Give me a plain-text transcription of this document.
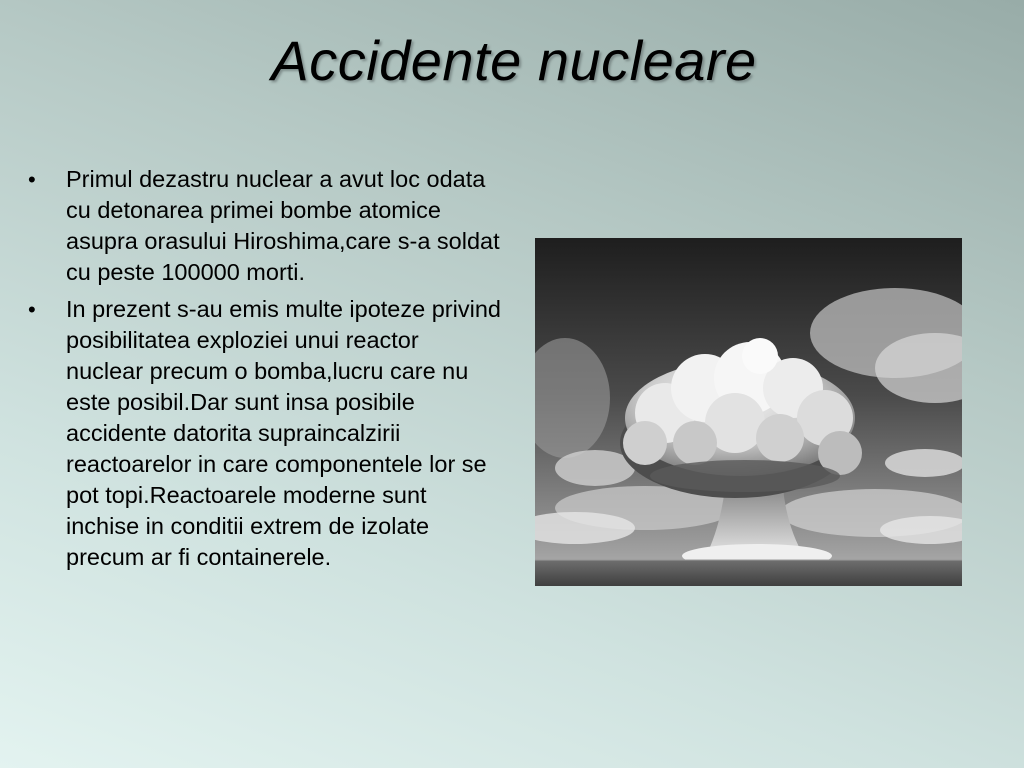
Accidente nucleare
• Primul dezastru nuclear a avut loc odata cu detonarea primei bombe atomice asupra orasului Hiroshima,care s-a soldat cu peste 100000 morti.
• In prezent s-au emis multe ipoteze privind posibilitatea exploziei unui reactor nuclear precum o bomba,lucru care nu este posibil.Dar sunt insa posibile accidente datorita supraincalzirii reactoarelor in care componentele lor se pot topi.Reactoarele moderne sunt inchise in conditii extrem de izolate precum ar fi containerele.
